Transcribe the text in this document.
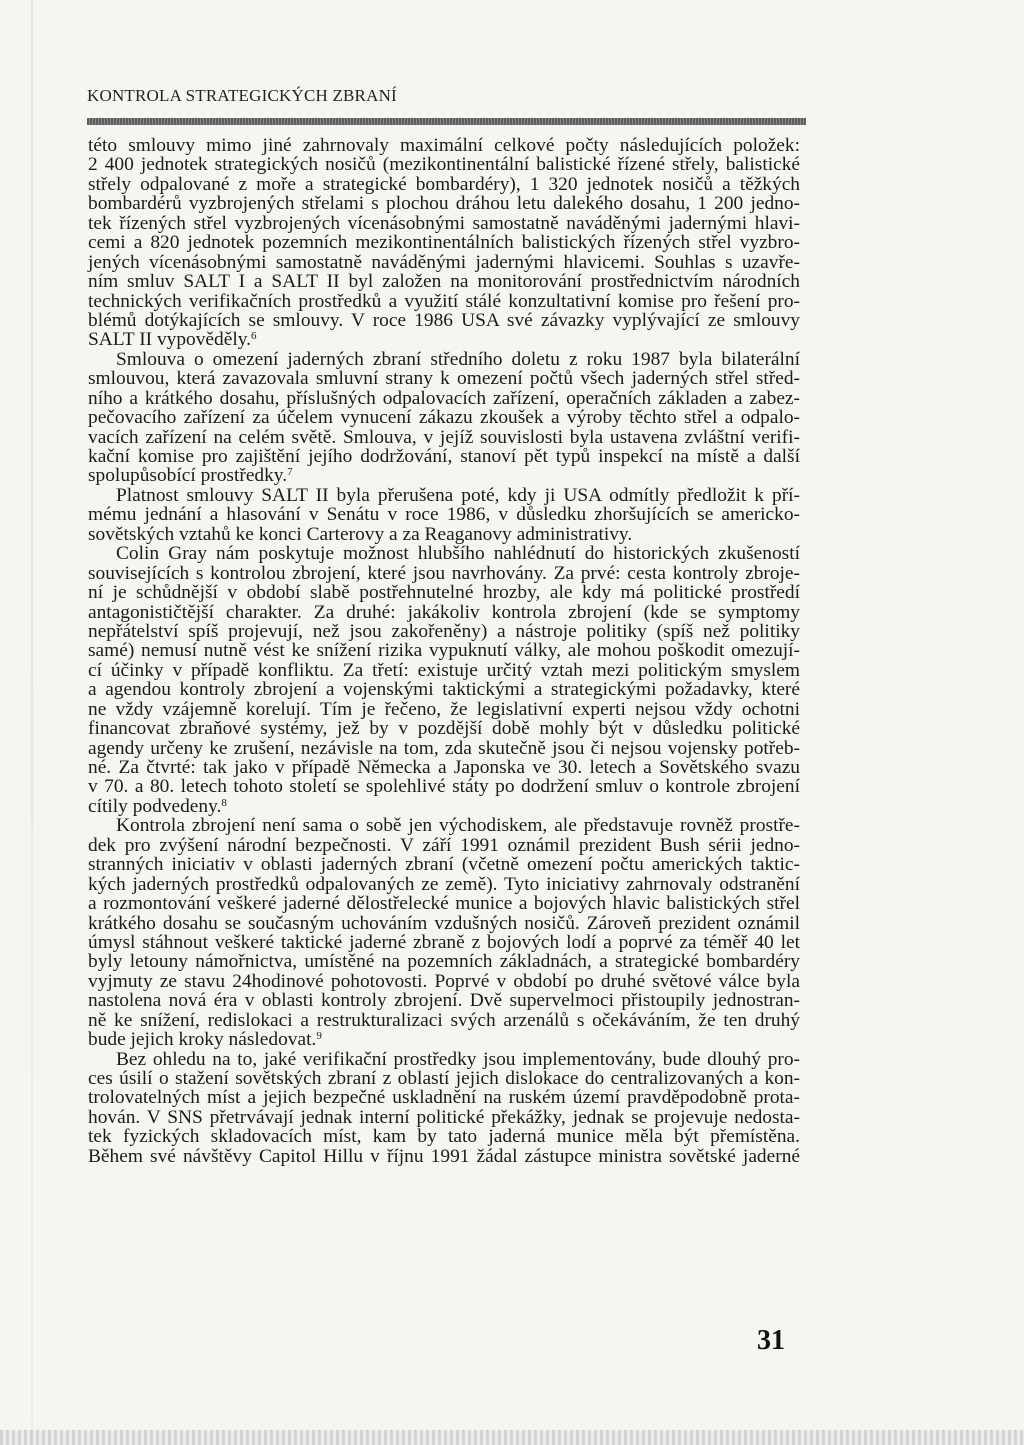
KONTROLA STRATEGICKÝCH ZBRANÍ
této smlouvy mimo jiné zahrnovaly maximální celkové počty následujících položek:
2 400 jednotek strategických nosičů (mezikontinentální balistické řízené střely, balistické
střely odpalované z moře a strategické bombardéry), 1 320 jednotek nosičů a těžkých
bombardérů vyzbrojených střelami s plochou dráhou letu dalekého dosahu, 1 200 jedno-
tek řízených střel vyzbrojených vícenásobnými samostatně naváděnými jadernými hlavi-
cemi a 820 jednotek pozemních mezikontinentálních balistických řízených střel vyzbro-
jených vícenásobnými samostatně naváděnými jadernými hlavicemi. Souhlas s uzavře-
ním smluv SALT I a SALT II byl založen na monitorování prostřednictvím národních
technických verifikačních prostředků a využití stálé konzultativní komise pro řešení pro-
blémů dotýkajících se smlouvy. V roce 1986 USA své závazky vyplývající ze smlouvy
SALT II vypověděly.$^6$
Smlouva o omezení jaderných zbraní středního doletu z roku 1987 byla bilaterální
smlouvou, která zavazovala smluvní strany k omezení počtů všech jaderných střel střed-
ního a krátkého dosahu, příslušných odpalovacích zařízení, operačních základen a zabez-
pečovacího zařízení za účelem vynucení zákazu zkoušek a výroby těchto střel a odpalo-
vacích zařízení na celém světě. Smlouva, v jejíž souvislosti byla ustavena zvláštní verifi-
kační komise pro zajištění jejího dodržování, stanoví pět typů inspekcí na místě a další
spolupůsobící prostředky.$^7$
Platnost smlouvy SALT II byla přerušena poté, kdy ji USA odmítly předložit k pří-
mému jednání a hlasování v Senátu v roce 1986, v důsledku zhoršujících se americko-
sovětských vztahů ke konci Carterovy a za Reaganovy administrativy.
Colin Gray nám poskytuje možnost hlubšího nahlédnutí do historických zkušeností
souvisejících s kontrolou zbrojení, které jsou navrhovány. Za prvé: cesta kontroly zbroje-
ní je schůdnější v období slabě postřehnutelné hrozby, ale kdy má politické prostředí
antagonističtější charakter. Za druhé: jakákoliv kontrola zbrojení (kde se symptomy
nepřátelství spíš projevují, než jsou zakořeněny) a nástroje politiky (spíš než politiky
samé) nemusí nutně vést ke snížení rizika vypuknutí války, ale mohou poškodit omezují-
cí účinky v případě konfliktu. Za třetí: existuje určitý vztah mezi politickým smyslem
a agendou kontroly zbrojení a vojenskými taktickými a strategickými požadavky, které
ne vždy vzájemně korelují. Tím je řečeno, že legislativní experti nejsou vždy ochotni
financovat zbraňové systémy, jež by v pozdější době mohly být v důsledku politické
agendy určeny ke zrušení, nezávisle na tom, zda skutečně jsou či nejsou vojensky potřeb-
né. Za čtvrté: tak jako v případě Německa a Japonska ve 30. letech a Sovětského svazu
v 70. a 80. letech tohoto století se spolehlivé státy po dodržení smluv o kontrole zbrojení
cítily podvedeny.$^8$
Kontrola zbrojení není sama o sobě jen východiskem, ale představuje rovněž prostře-
dek pro zvýšení národní bezpečnosti. V září 1991 oznámil prezident Bush sérii jedno-
stranných iniciativ v oblasti jaderných zbraní (včetně omezení počtu amerických taktic-
kých jaderných prostředků odpalovaných ze země). Tyto iniciativy zahrnovaly odstranění
a rozmontování veškeré jaderné dělostřelecké munice a bojových hlavic balistických střel
krátkého dosahu se současným uchováním vzdušných nosičů. Zároveň prezident oznámil
úmysl stáhnout veškeré taktické jaderné zbraně z bojových lodí a poprvé za téměř 40 let
byly letouny námořnictva, umístěné na pozemních základnách, a strategické bombardéry
vyjmuty ze stavu 24hodinové pohotovosti. Poprvé v období po druhé světové válce byla
nastolena nová éra v oblasti kontroly zbrojení. Dvě supervelmoci přistoupily jednostran-
ně ke snížení, redislokaci a restrukturalizaci svých arzenálů s očekáváním, že ten druhý
bude jejich kroky následovat.$^9$
Bez ohledu na to, jaké verifikační prostředky jsou implementovány, bude dlouhý pro-
ces úsilí o stažení sovětských zbraní z oblastí jejich dislokace do centralizovaných a kon-
trolovatelných míst a jejich bezpečné uskladnění na ruském území pravděpodobně prota-
hován. V SNS přetrvávají jednak interní politické překážky, jednak se projevuje nedosta-
tek fyzických skladovacích míst, kam by tato jaderná munice měla být přemístěna.
Během své návštěvy Capitol Hillu v říjnu 1991 žádal zástupce ministra sovětské jaderné
31
